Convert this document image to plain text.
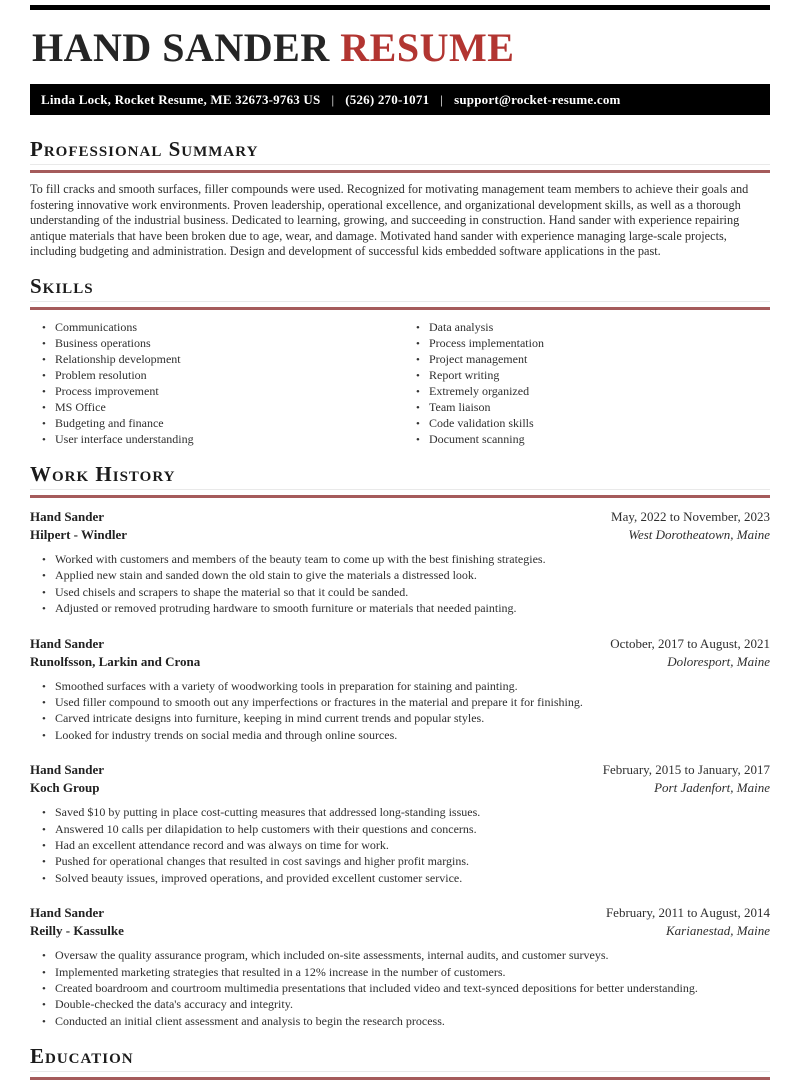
HAND SANDER RESUME
Linda Lock, Rocket Resume, ME 32673-9763 US | (526) 270-1071 | support@rocket-resume.com
Professional Summary

To fill cracks and smooth surfaces, filler compounds were used. Recognized for motivating management team members to achieve their goals and fostering innovative work environments. Proven leadership, operational excellence, and organizational development skills, as well as a thorough understanding of the industrial business. Dedicated to learning, growing, and succeeding in construction. Hand sander with experience repairing antique materials that have been broken due to age, wear, and damage. Motivated hand sander with experience managing large-scale projects, including budgeting and administration. Design and development of successful kids embedded software applications in the past.

Skills
• Communications
• Business operations
• Relationship development
• Problem resolution
• Process improvement
• MS Office
• Budgeting and finance
• User interface understanding
• Data analysis
• Process implementation
• Project management
• Report writing
• Extremely organized
• Team liaison
• Code validation skills
• Document scanning
Work History
Hand Sander	May, 2022 to November, 2023
Hilpert - Windler	West Dorotheatown, Maine
• Worked with customers and members of the beauty team to come up with the best finishing strategies.
• Applied new stain and sanded down the old stain to give the materials a distressed look.
• Used chisels and scrapers to shape the material so that it could be sanded.
• Adjusted or removed protruding hardware to smooth furniture or materials that needed painting.
Hand Sander	October, 2017 to August, 2021
Runolfsson, Larkin and Crona	Doloresport, Maine
• Smoothed surfaces with a variety of woodworking tools in preparation for staining and painting.
• Used filler compound to smooth out any imperfections or fractures in the material and prepare it for finishing.
• Carved intricate designs into furniture, keeping in mind current trends and popular styles.
• Looked for industry trends on social media and through online sources.
Hand Sander	February, 2015 to January, 2017
Koch Group	Port Jadenfort, Maine
• Saved $10 by putting in place cost-cutting measures that addressed long-standing issues.
• Answered 10 calls per dilapidation to help customers with their questions and concerns.
• Had an excellent attendance record and was always on time for work.
• Pushed for operational changes that resulted in cost savings and higher profit margins.
• Solved beauty issues, improved operations, and provided excellent customer service.
Hand Sander	February, 2011 to August, 2014
Reilly - Kassulke	Karianestad, Maine
• Oversaw the quality assurance program, which included on-site assessments, internal audits, and customer surveys.
• Implemented marketing strategies that resulted in a 12% increase in the number of customers.
• Created boardroom and courtroom multimedia presentations that included video and text-synced depositions for better understanding.
• Double-checked the data's accuracy and integrity.
• Conducted an initial client assessment and analysis to begin the research process.
Education
